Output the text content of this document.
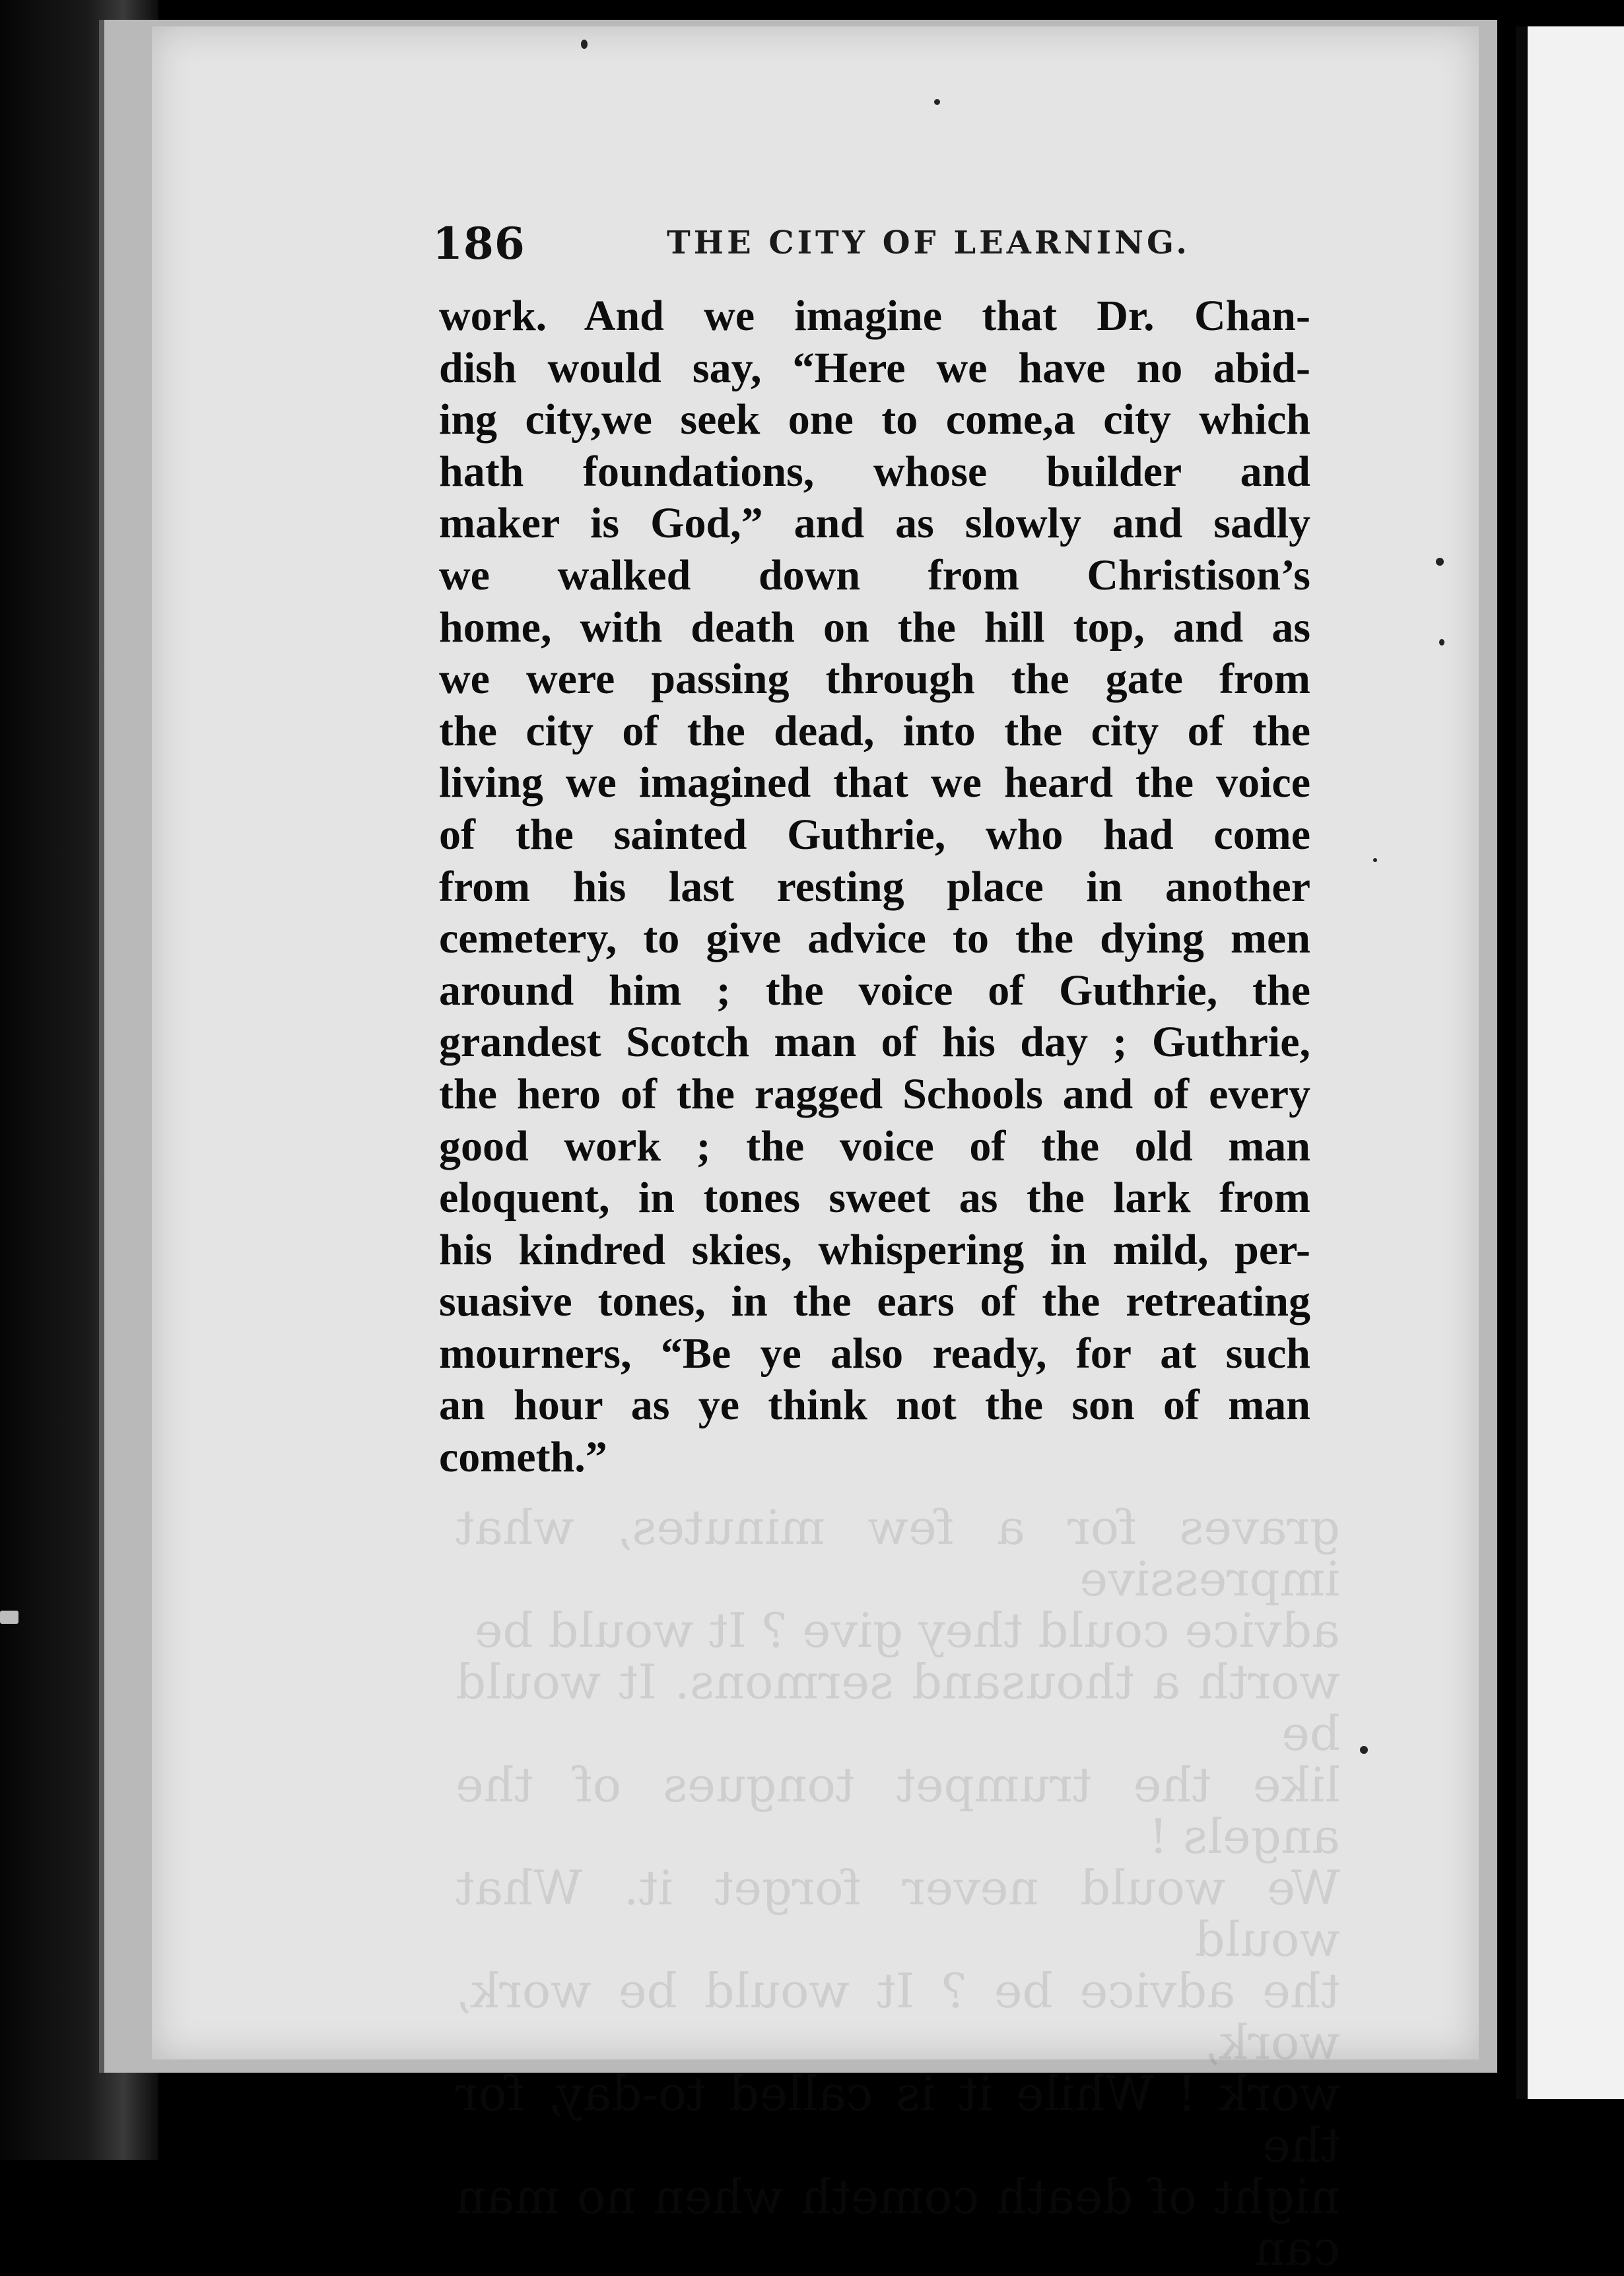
graves for a few minutes, what impressive
advice could they give ? It would be
worth a thousand sermons. It would be
like the trumpet tongues of the angels !
We would never forget it. What would
the advice be ? It would be work, work,
work ! While it is called to-day, for the
night of death cometh when no man can
186	THE CITY OF LEARNING.
work. And we imagine that Dr. Chan-
dish would say, “Here we have no abid-
ing city,we seek one to come,a city which
hath foundations, whose builder and
maker is God,” and as slowly and sadly
we walked down from Christison’s
home, with death on the hill top, and as
we were passing through the gate from
the city of the dead, into the city of the
living we imagined that we heard the voice
of the sainted Guthrie, who had come
from his last resting place in another
cemetery, to give advice to the dying men
around him ; the voice of Guthrie, the
grandest Scotch man of his day ; Guthrie,
the hero of the ragged Schools and of every
good work ; the voice of the old man
eloquent, in tones sweet as the lark from
his kindred skies, whispering in mild, per-
suasive tones, in the ears of the retreating
mourners, “Be ye also ready, for at such
an hour as ye think not the son of man
cometh.”
